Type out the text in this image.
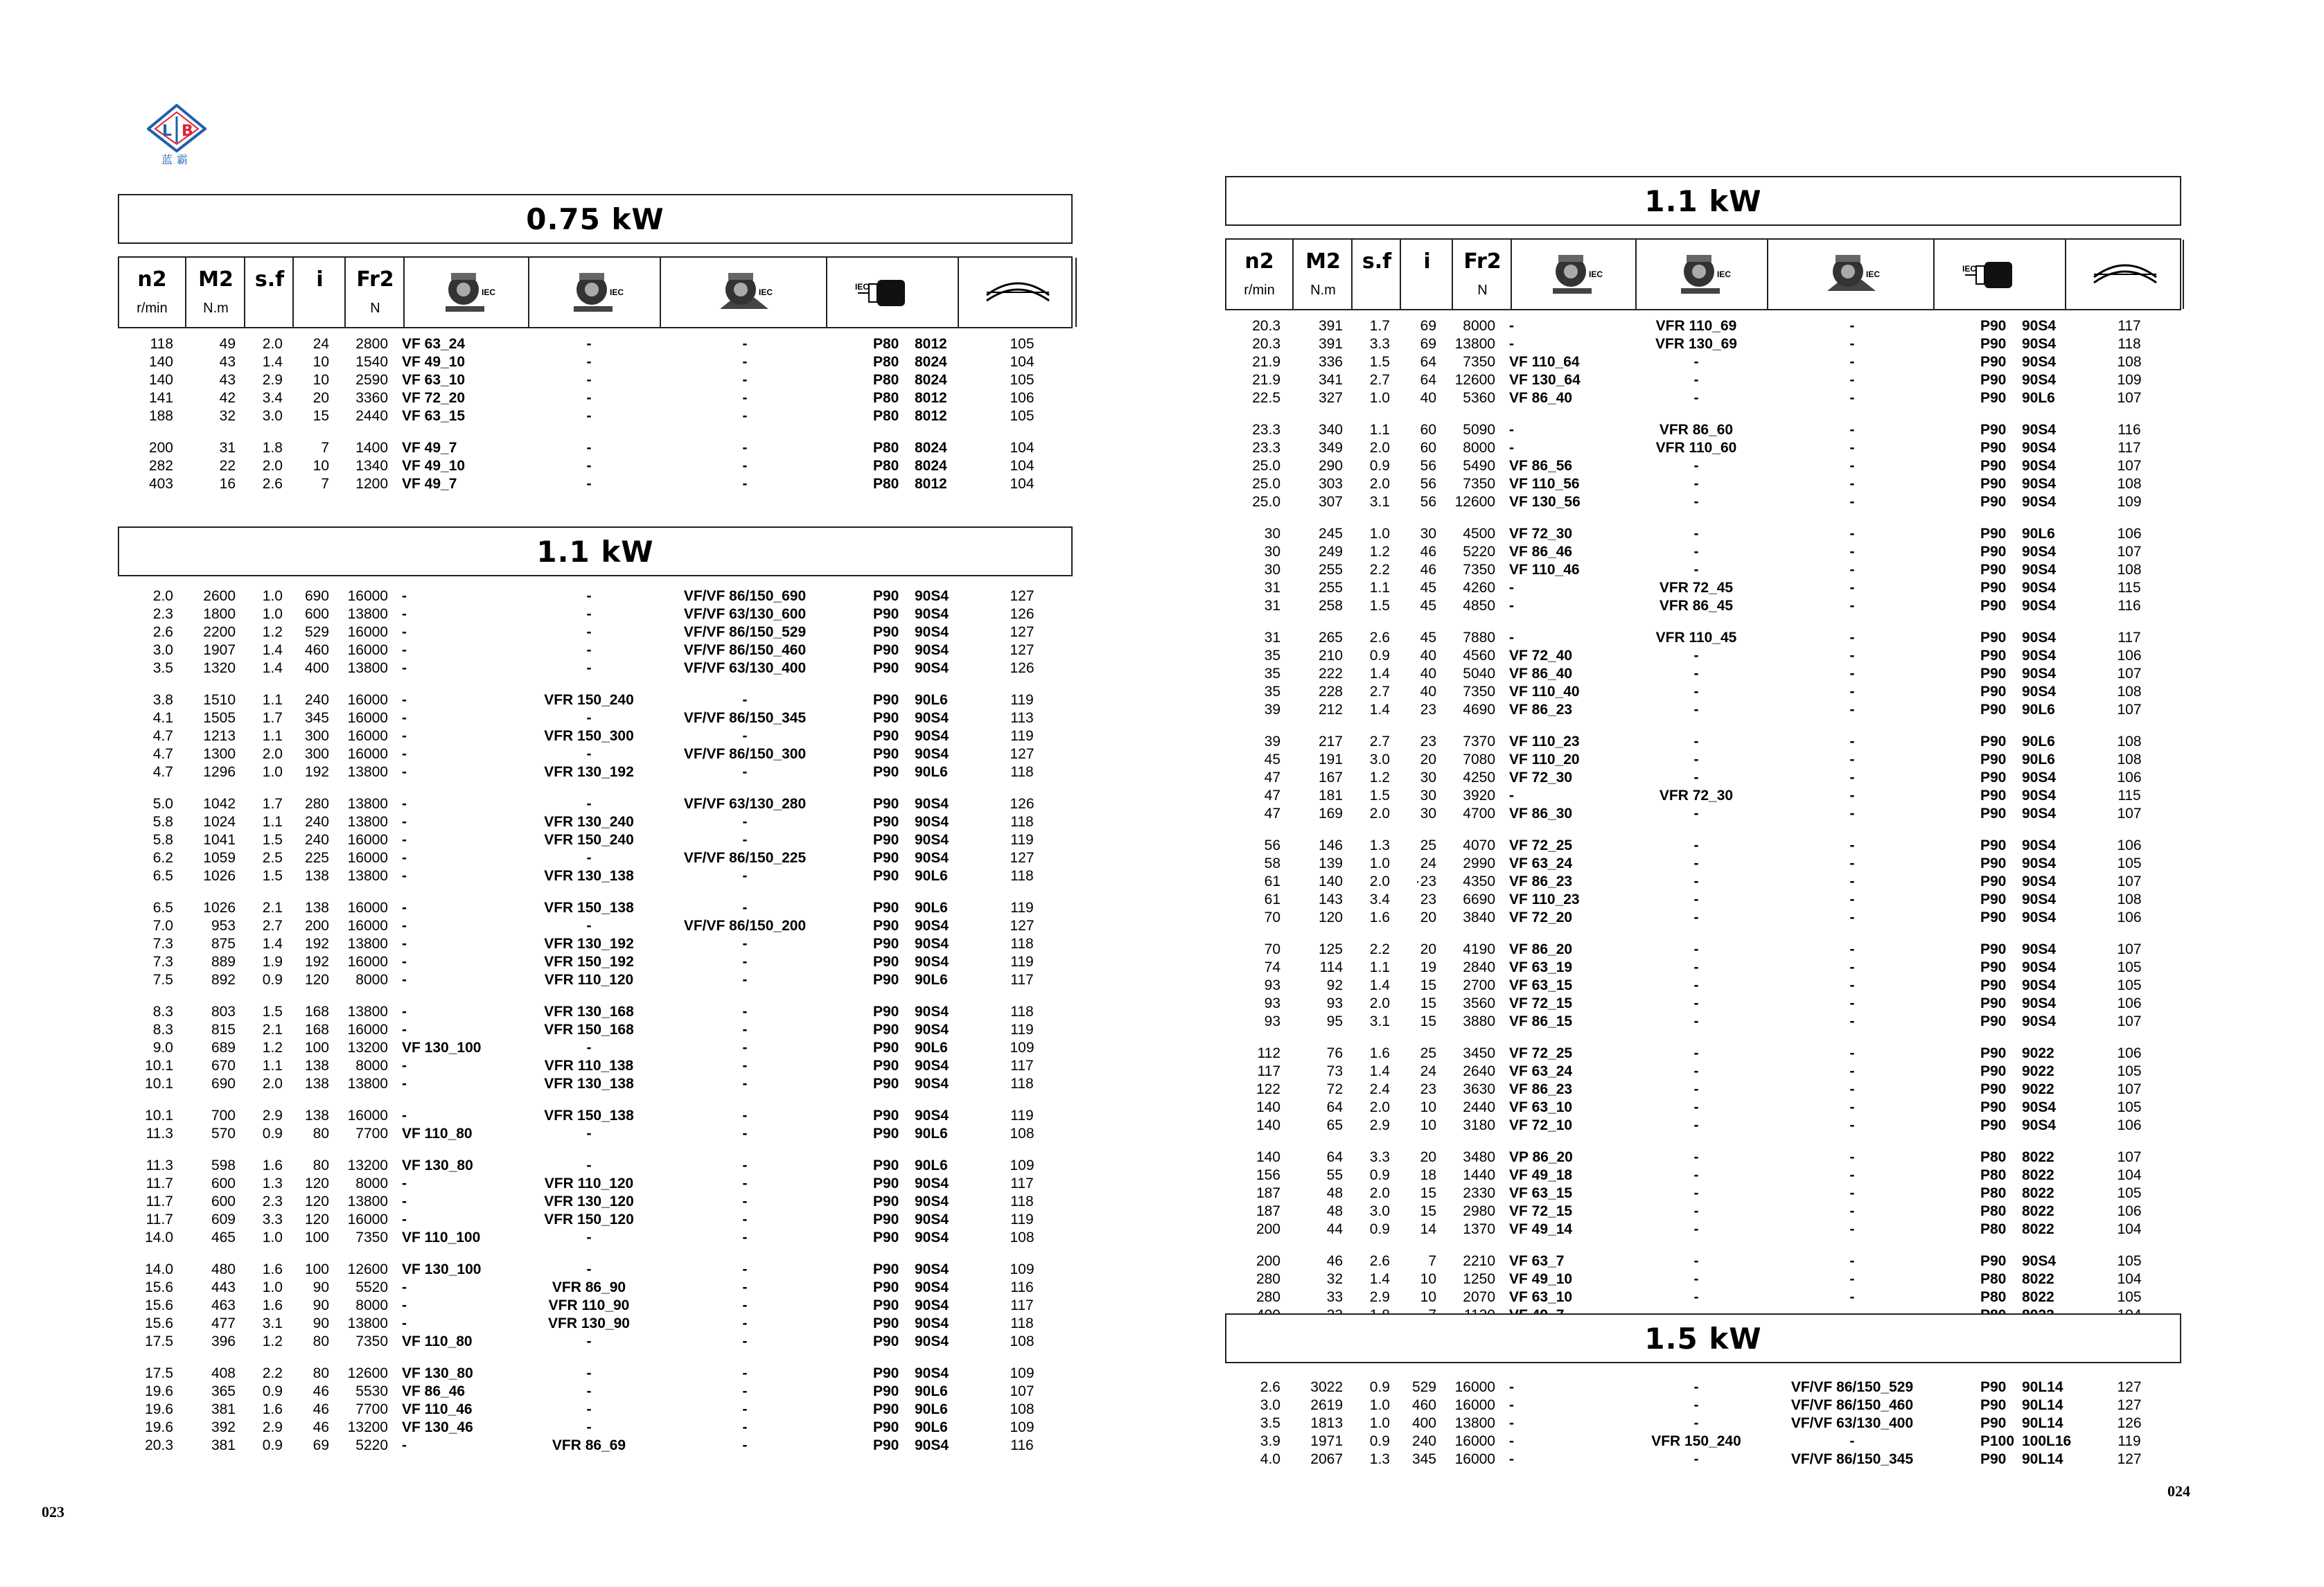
L B
蓝霸
0.75 kW
n2
r/min
M2
N.m
s.f	i	Fr2
N
IEC	IEC	IEC
IEC
118	49	2.0	24	2800 VF 63_24	-	-	P80	8012	105
140	43	1.4	10	1540 VF 49_10	-	-	P80	8024	104
140	43	2.9	10	2590 VF 63_10	-	-	P80	8024	105
141	42	3.4	20	3360 VF 72_20	-	-	P80	8012	106
188	32	3.0	15	2440 VF 63_15	-	-	P80	8012	105
200	31	1.8	7	1400 VF 49_7	-	-	P80	8024	104
282	22	2.0	10	1340 VF 49_10	-	-	P80	8024	104
403	16	2.6	7	1200 VF 49_7	-	-	P80	8012	104
1.1 kW
2.0	2600	1.0	690	16000 -	-	VF/VF 86/150_690	P90	90S4	127
2.3	1800	1.0	600	13800 -	-	VF/VF 63/130_600	P90	90S4	126
2.6	2200	1.2	529	16000 -	-	VF/VF 86/150_529	P90	90S4	127
3.0	1907	1.4	460	16000 -	-	VF/VF 86/150_460	P90	90S4	127
3.5	1320	1.4	400	13800 -	-	VF/VF 63/130_400	P90	90S4	126
3.8	1510	1.1	240	16000 -	VFR 150_240	-	P90	90L6	119
4.1	1505	1.7	345	16000 -	-	VF/VF 86/150_345	P90	90S4	113
4.7	1213	1.1	300	16000 -	VFR 150_300	-	P90	90S4	119
4.7	1300	2.0	300	16000 -	-	VF/VF 86/150_300	P90	90S4	127
4.7	1296	1.0	192	13800 -	VFR 130_192	-	P90	90L6	118
5.0	1042	1.7	280	13800 -	-	VF/VF 63/130_280	P90	90S4	126
5.8	1024	1.1	240	13800 -	VFR 130_240	-	P90	90S4	118
5.8	1041	1.5	240	16000 -	VFR 150_240	-	P90	90S4	119
6.2	1059	2.5	225	16000 -	-	VF/VF 86/150_225	P90	90S4	127
6.5	1026	1.5	138	13800 -	VFR 130_138	-	P90	90L6	118
6.5	1026	2.1	138	16000 -	VFR 150_138	-	P90	90L6	119
7.0	953	2.7	200	16000 -	-	VF/VF 86/150_200	P90	90S4	127
7.3	875	1.4	192	13800 -	VFR 130_192	-	P90	90S4	118
7.3	889	1.9	192	16000 -	VFR 150_192	-	P90	90S4	119
7.5	892	0.9	120	8000 -	VFR 110_120	-	P90	90L6	117
8.3	803	1.5	168	13800 -	VFR 130_168	-	P90	90S4	118
8.3	815	2.1	168	16000 -	VFR 150_168	-	P90	90S4	119
9.0	689	1.2	100	13200 VF 130_100	-	-	P90	90L6	109
10.1	670	1.1	138	8000 -	VFR 110_138	-	P90	90S4	117
10.1	690	2.0	138	13800 -	VFR 130_138	-	P90	90S4	118
10.1	700	2.9	138	16000 -	VFR 150_138	-	P90	90S4	119
11.3	570	0.9	80	7700 VF 110_80	-	-	P90	90L6	108
11.3	598	1.6	80	13200 VF 130_80	-	-	P90	90L6	109
11.7	600	1.3	120	8000 -	VFR 110_120	-	P90	90S4	117
11.7	600	2.3	120	13800 -	VFR 130_120	-	P90	90S4	118
11.7	609	3.3	120	16000 -	VFR 150_120	-	P90	90S4	119
14.0	465	1.0	100	7350 VF 110_100	-	-	P90	90S4	108
14.0	480	1.6	100	12600 VF 130_100	-	-	P90	90S4	109
15.6	443	1.0	90	5520 -	VFR 86_90	-	P90	90S4	116
15.6	463	1.6	90	8000 -	VFR 110_90	-	P90	90S4	117
15.6	477	3.1	90	13800 -	VFR 130_90	-	P90	90S4	118
17.5	396	1.2	80	7350 VF 110_80	-	-	P90	90S4	108
17.5	408	2.2	80	12600 VF 130_80	-	-	P90	90S4	109
19.6	365	0.9	46	5530 VF 86_46	-	-	P90	90L6	107
19.6	381	1.6	46	7700 VF 110_46	-	-	P90	90L6	108
19.6	392	2.9	46	13200 VF 130_46	-	-	P90	90L6	109
20.3	381	0.9	69	5220 -	VFR 86_69	-	P90	90S4	116
023
1.1 kW
n2
r/min
M2
N.m
s.f	i	Fr2
N
IEC	IEC	IEC
IEC
20.3	391	1.7	69	8000 -	VFR 110_69	-	P90	90S4	117
20.3	391	3.3	69	13800 -	VFR 130_69	-	P90	90S4	118
21.9	336	1.5	64	7350 VF 110_64	-	-	P90	90S4	108
21.9	341	2.7	64	12600 VF 130_64	-	-	P90	90S4	109
22.5	327	1.0	40	5360 VF 86_40	-	-	P90	90L6	107
23.3	340	1.1	60	5090 -	VFR 86_60	-	P90	90S4	116
23.3	349	2.0	60	8000 -	VFR 110_60	-	P90	90S4	117
25.0	290	0.9	56	5490 VF 86_56	-	-	P90	90S4	107
25.0	303	2.0	56	7350 VF 110_56	-	-	P90	90S4	108
25.0	307	3.1	56	12600 VF 130_56	-	-	P90	90S4	109
30	245	1.0	30	4500 VF 72_30	-	-	P90	90L6	106
30	249	1.2	46	5220 VF 86_46	-	-	P90	90S4	107
30	255	2.2	46	7350 VF 110_46	-	-	P90	90S4	108
31	255	1.1	45	4260 -	VFR 72_45	-	P90	90S4	115
31	258	1.5	45	4850 -	VFR 86_45	-	P90	90S4	116
31	265	2.6	45	7880 -	VFR 110_45	-	P90	90S4	117
35	210	0.9	40	4560 VF 72_40	-	-	P90	90S4	106
35	222	1.4	40	5040 VF 86_40	-	-	P90	90S4	107
35	228	2.7	40	7350 VF 110_40	-	-	P90	90S4	108
39	212	1.4	23	4690 VF 86_23	-	-	P90	90L6	107
39	217	2.7	23	7370 VF 110_23	-	-	P90	90L6	108
45	191	3.0	20	7080 VF 110_20	-	-	P90	90L6	108
47	167	1.2	30	4250 VF 72_30	-	-	P90	90S4	106
47	181	1.5	30	3920 -	VFR 72_30	-	P90	90S4	115
47	169	2.0	30	4700 VF 86_30	-	-	P90	90S4	107
56	146	1.3	25	4070 VF 72_25	-	-	P90	90S4	106
58	139	1.0	24	2990 VF 63_24	-	-	P90	90S4	105
61	140	2.0	·23	4350 VF 86_23	-	-	P90	90S4	107
61	143	3.4	23	6690 VF 110_23	-	-	P90	90S4	108
70	120	1.6	20	3840 VF 72_20	-	-	P90	90S4	106
70	125	2.2	20	4190 VF 86_20	-	-	P90	90S4	107
74	114	1.1	19	2840 VF 63_19	-	-	P90	90S4	105
93	92	1.4	15	2700 VF 63_15	-	-	P90	90S4	105
93	93	2.0	15	3560 VF 72_15	-	-	P90	90S4	106
93	95	3.1	15	3880 VF 86_15	-	-	P90	90S4	107
112	76	1.6	25	3450 VF 72_25	-	-	P90	9022	106
117	73	1.4	24	2640 VF 63_24	-	-	P90	9022	105
122	72	2.4	23	3630 VF 86_23	-	-	P90	9022	107
140	64	2.0	10	2440 VF 63_10	-	-	P90	90S4	105
140	65	2.9	10	3180 VF 72_10	-	-	P90	90S4	106
140	64	3.3	20	3480 VP 86_20	-	-	P80	8022	107
156	55	0.9	18	1440 VF 49_18	-	-	P80	8022	104
187	48	2.0	15	2330 VF 63_15	-	-	P80	8022	105
187	48	3.0	15	2980 VF 72_15	-	-	P80	8022	106
200	44	0.9	14	1370 VF 49_14	-	-	P80	8022	104
200	46	2.6	7	2210 VF 63_7	-	-	P90	90S4	105
280	32	1.4	10	1250 VF 49_10	-	-	P80	8022	104
280	33	2.9	10	2070 VF 63_10	-	-	P80	8022	105
1.5 kW
2.6	3022	0.9	529	16000 -	-	VF/VF 86/150_529	P90	90L14	127
3.0	2619	1.0	460	16000 -	-	VF/VF 86/150_460	P90	90L14	127
3.5	1813	1.0	400	13800 -	-	VF/VF 63/130_400	P90	90L14	126
3.9	1971	0.9	240	16000 -	VFR 150_240	-	P100 100L16	119
4.0	2067	1.3	345	16000 -	-	VF/VF 86/150_345	P90	90L14	127
024
